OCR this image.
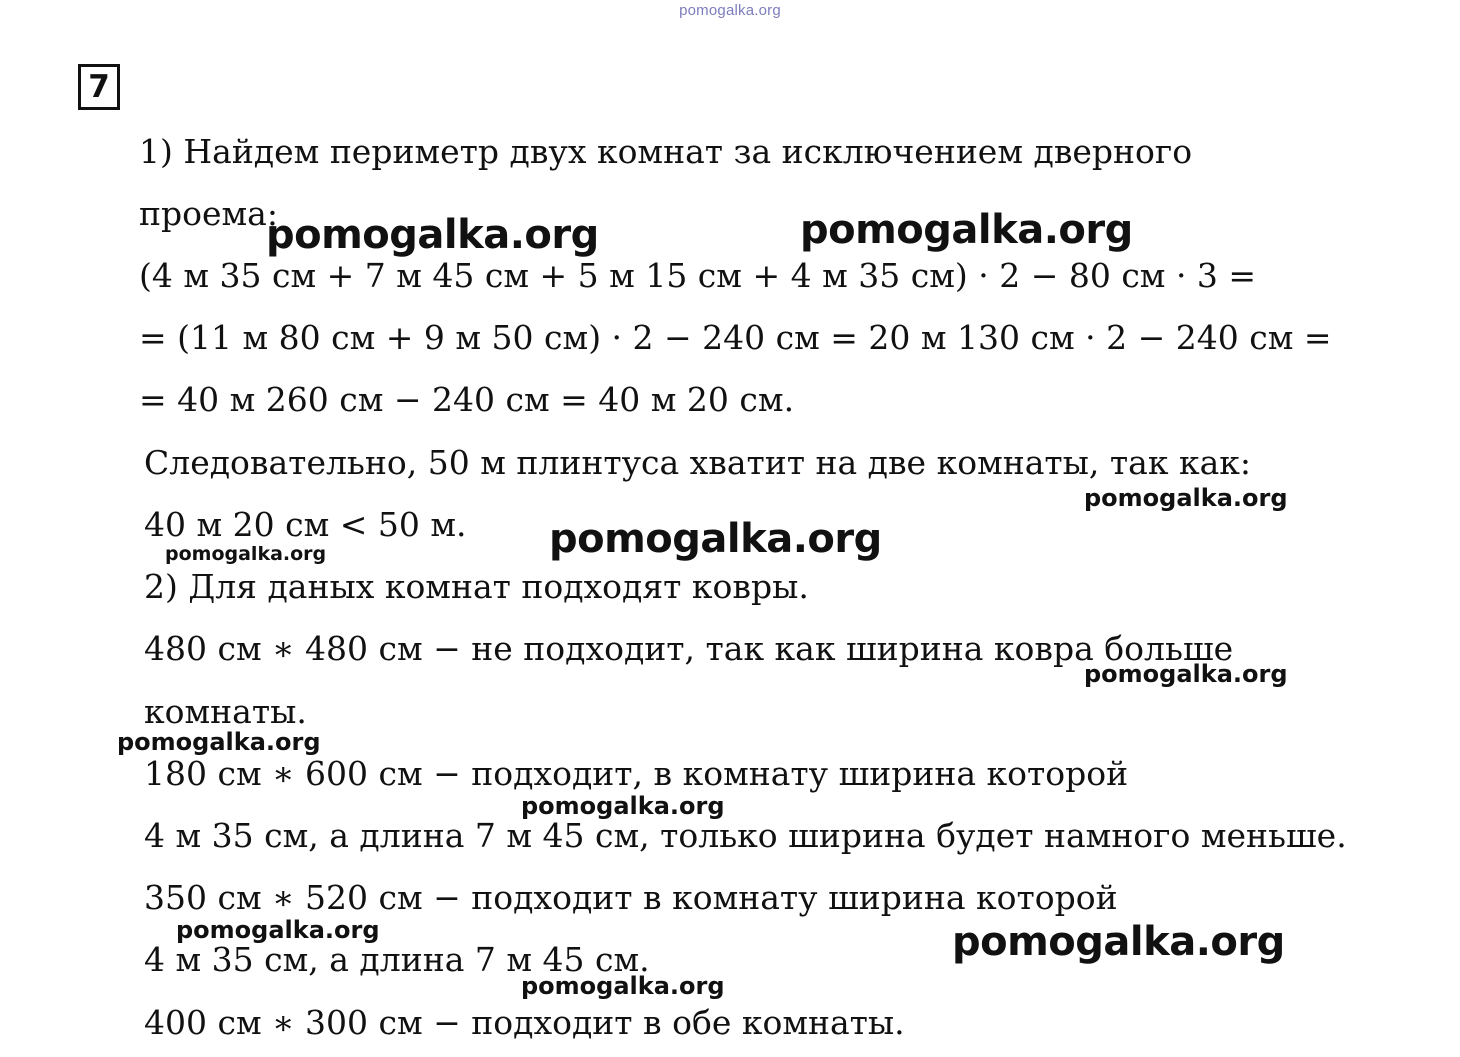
pomogalka.org
7
1) Найдем периметр двух комнат за исключением дверного
проема:
(4 м 35 см + 7 м 45 см + 5 м 15 см + 4 м 35 см) · 2 − 80 см · 3 =
= (11 м 80 см + 9 м 50 см) · 2 − 240 см = 20 м 130 см · 2 − 240 см =
= 40 м 260 см − 240 см = 40 м 20 см.
Следовательно, 50 м плинтуса хватит на две комнаты, так как:
40 м 20 см < 50 м.
2) Для даных комнат подходят ковры.
480 см ∗ 480 см − не подходит, так как ширина ковра больше
комнаты.
180 см ∗ 600 см − подходит, в комнату ширина которой
4 м 35 см, а длина 7 м 45 см, только ширина будет намного меньше.
350 см ∗ 520 см − подходит в комнату ширина которой
4 м 35 см, а длина 7 м 45 см.
400 см ∗ 300 см − подходит в обе комнаты.
pomogalka.org	pomogalka.org
pomogalka.org
pomogalka.org
pomogalka.org
pomogalka.org
pomogalka.org
pomogalka.org
pomogalka.org
pomogalka.org
pomogalka.org
